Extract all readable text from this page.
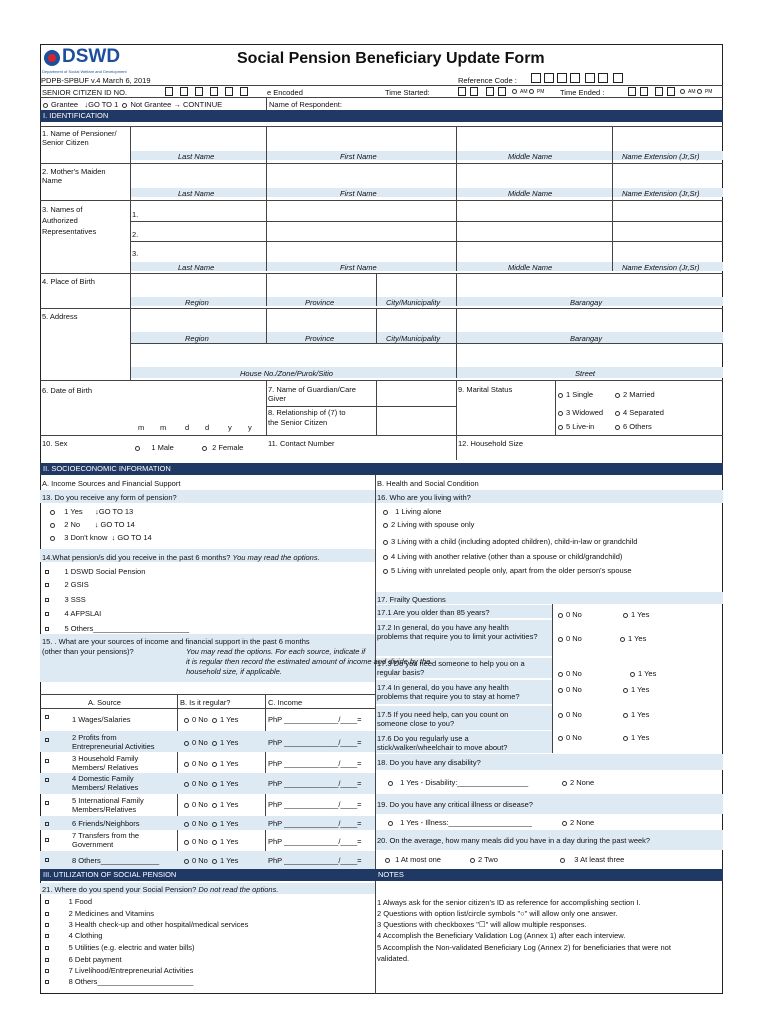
DSWD
Department of Social Welfare and Development
Social Pension Beneficiary Update Form
PDPB-SPBUF v.4 March 6, 2019	Reference Code :
SENIOR CITIZEN ID NO.	e Encoded	Time Started:	AM PM Time Ended :	AM PM
Grantee ↓GO TO 1 Not Grantee → CONTINUE	Name of Respondent:
I. IDENTIFICATION
1. Name of Pensioner/
Senior Citizen
Last Name	First Name	Middle Name	Name Extension (Jr,Sr)
2. Mother's Maiden
Name
Last Name	First Name	Middle Name	Name Extension (Jr,Sr)
3. Names of
Authorized
Representatives
1.
2.
3.
Last Name	First Name	Middle Name	Name Extension (Jr,Sr)
4. Place of Birth
Region	Province	City/Municipality	Barangay
5. Address
Region	Province	City/Municipality	Barangay
House No./Zone/Purok/Sitio	Street
6. Date of Birth
m m	d d	y y
7. Name of Guardian/Care
Giver
8. Relationship of (7) to
the Senior Citizen
9. Marital Status
1 Single	2 Married
3 Widowed	4 Separated
5 Live-in	6 Others
10. Sex	1 Male	2 Female	11. Contact Number	12. Household Size
II. SOCIOECONOMIC INFORMATION
A. Income Sources and Financial Support	B. Health and Social Condition
13. Do you receive any form of pension?	16. Who are you living with?
1 Yes ↓GO TO 13
2 No ↓ GO TO 14
3 Don't know ↓ GO TO 14
1 Living alone
2 Living with spouse only
3 Living with a child (including adopted children), child-in-law or grandchild
4 Living with another relative (other than a spouse or child/grandchild)
5 Living with unrelated people only, apart from the older person's spouse
14.What pension/s did you receive in the past 6 months? You may read the options.
1 DSWD Social Pension
2 GSIS
3 SSS
4 AFPSLAI
5 Others_______________________
17. Frailty Questions
17.1 Are you older than 85 years?	0 No	1 Yes
17.2 In general, do you have any health
problems that require you to limit your activities?	0 No	1 Yes
17.3 Do you need someone to help you on a
regular basis?	0 No	1 Yes
17.4 In general, do you have any health
problems that require you to stay at home?
0 No	1 Yes
17.5 If you need help, can you count on
someone close to you?
0 No	1 Yes
17.6 Do you regularly use a
stick/walker/wheelchair to move about?
0 No	1 Yes
18. Do you have any disability?
1 Yes - Disability:_________________	2 None
19. Do you have any critical illness or disease?
1 Yes - Illness:____________________	2 None
20. On the average, how many meals did you have in a day during the past week?
1 At most one	2 Two	3 At least three
15. . What are your sources of income and financial support in the past 6 months
(other than your pensions)?	You may read the options. For each source, indicate if
it is regular then record the estimated amount of income and divide by the
household size, if applicable.
A. Source	B. Is it regular?	C. Income
1 Wages/Salaries	0 No 1 Yes	PhP _____________/____=
2 Profits from
Entrepreneurial Activities	0 No 1 Yes	PhP _____________/____=
3 Household Family
Members/ Relatives	0 No 1 Yes	PhP _____________/____=
4 Domestic Family
Members/ Relatives	0 No 1 Yes	PhP _____________/____=
5 International Family
Members/Relatives
0 No 1 Yes	PhP _____________/____=
6 Friends/Neighbors	0 No 1 Yes	PhP _____________/____=
7 Transfers from the
Government	0 No 1 Yes	PhP _____________/____=
8 Others______________	0 No 1 Yes	PhP _____________/____=
III. UTILIZATION OF SOCIAL PENSION	NOTES
21. Where do you spend your Social Pension? Do not read the options.
1 Food
2 Medicines and Vitamins
3 Health check-up and other hospital/medical services
4 Clothing
5 Utilities (e.g. electric and water bills)
6 Debt payment
7 Livelihood/Entrepreneurial Activities
8 Others_______________________
1 Always ask for the senior citizen's ID as reference for accomplishing section I.
2 Questions with option list/circle symbols "○" will allow only one answer.
3 Questions with checkboxes "☐" will allow multiple responses.
4 Accomplish the Beneficiary Validation Log (Annex 1) after each interview.
5 Accomplish the Non-validated Beneficiary Log (Annex 2) for beneficiaries that were not
validated.
